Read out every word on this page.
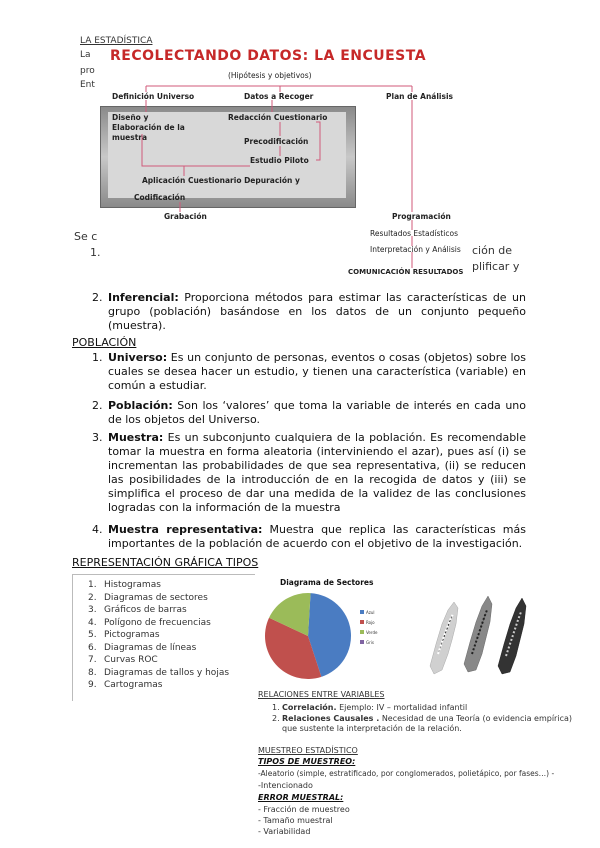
LA ESTADÍSTICA
La
pro
Ent
RECOLECTANDO DATOS: LA ENCUESTA
(Hipótesis y objetivos)
Definición Universo	Datos a Recoger	Plan de Análisis
Diseño y Elaboración de la muestra
Redacción Cuestionario
Precodificación
Estudio Piloto
Aplicación Cuestionario Depuración y
Codificación
Grabación	Programación
Resultados Estadísticos
Interpretación y Análisis
COMUNICACIÓN RESULTADOS
Se c
1.	ción de
plificar y
2. Inferencial: Proporciona métodos para estimar las características de un grupo (población) basándose en los datos de un conjunto pequeño (muestra).
POBLACIÓN
1. Universo: Es un conjunto de personas, eventos o cosas (objetos) sobre los cuales se desea hacer un estudio, y tienen una característica (variable) en común a estudiar.
2. Población: Son los ‘valores’ que toma la variable de interés en cada uno de los objetos del Universo.
3. Muestra: Es un subconjunto cualquiera de la población. Es recomendable tomar la muestra en forma aleatoria (interviniendo el azar), pues así (i) se incrementan las probabilidades de que sea representativa, (ii) se reducen las posibilidades de la introducción de en la recogida de datos y (iii) se simplifica el proceso de dar una medida de la validez de las conclusiones logradas con la información de la muestra
4. Muestra representativa: Muestra que replica las características más importantes de la población de acuerdo con el objetivo de la investigación.
REPRESENTACIÓN GRÁFICA TIPOS
1. Histogramas
2. Diagramas de sectores
3. Gráficos de barras
4. Polígono de frecuencias
5. Pictogramas
6. Diagramas de líneas
7. Curvas ROC
8. Diagramas de tallos y hojas
9. Cartogramas
Diagrama de Sectores
Azul
Rojo
Verde
Gris
RELACIONES ENTRE VARIABLES
1. Correlación. Ejemplo: IV – mortalidad infantil
2. Relaciones Causales . Necesidad de una Teoría (o evidencia empírica) que sustente la interpretación de la relación.
MUESTREO ESTADÍSTICO
TIPOS DE MUESTREO:
-Aleatorio (simple, estratificado, por conglomerados, polietápico, por fases…) -
-Intencionado
ERROR MUESTRAL:
- Fracción de muestreo
- Tamaño muestral
- Variabilidad
